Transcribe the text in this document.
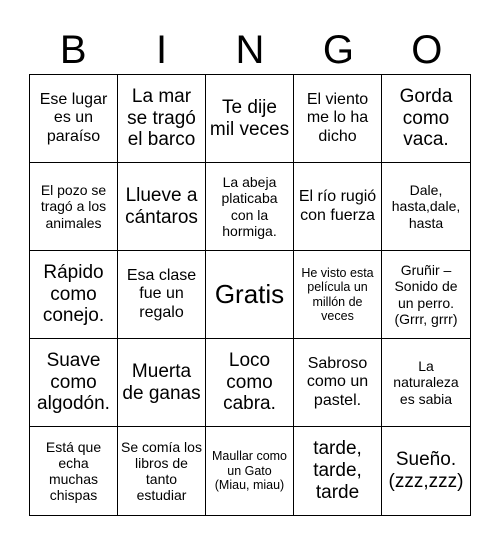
B	I	N	G	O
Ese lugar es un paraíso
La mar se tragó el barco
Te dije mil veces
El viento me lo ha dicho
Gorda como vaca.
El pozo se tragó a los animales
Llueve a cántaros
La abeja platicaba con la hormiga.
El río rugió con fuerza
Dale, hasta,dale, hasta
Rápido como conejo.
Esa clase fue un regalo
Gratis
He visto esta película un millón de veces
Gruñir – Sonido de un perro. (Grrr, grrr)
Suave como algodón.
Muerta de ganas
Loco como cabra.
Sabroso como un pastel.
La naturaleza es sabia
Está que echa muchas chispas
Se comía los libros de tanto estudiar
Maullar como un Gato (Miau, miau)
tarde, tarde, tarde
Sueño. (zzz,zzz)
